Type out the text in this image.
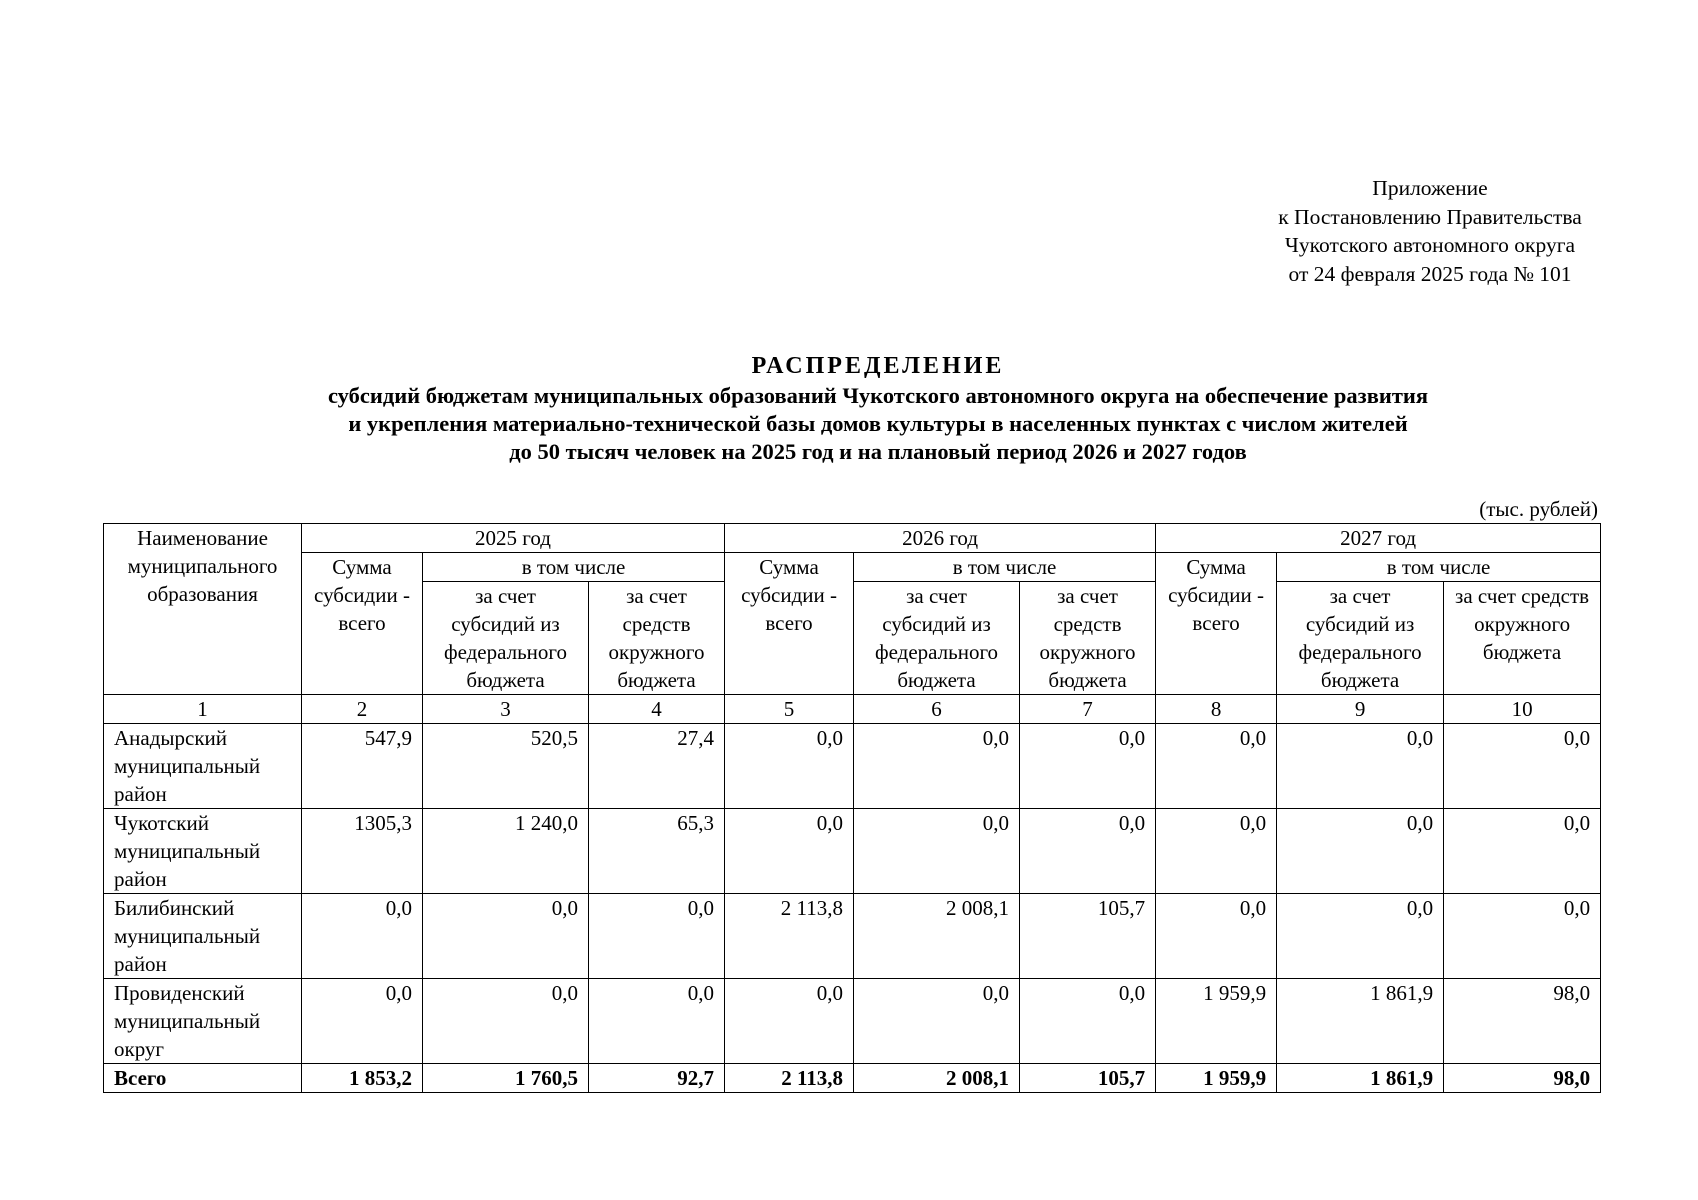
Приложение
к Постановлению Правительства
Чукотского автономного округа
от 24 февраля 2025 года № 101
РАСПРЕДЕЛЕНИЕ
субсидий бюджетам муниципальных образований Чукотского автономного округа на обеспечение развития
и укрепления материально-технической базы домов культуры в населенных пунктах с числом жителей
до 50 тысяч человек на 2025 год и на плановый период 2026 и 2027 годов
(тыс. рублей)
Наименование муниципального образования	2025 год			2026 год			2027 год		
	Сумма субсидии - всего	в том числе		Сумма субсидии - всего	в том числе		Сумма субсидии - всего	в том числе	
		за счет субсидий из федерального бюджета	за счет средств окружного бюджета		за счет субсидий из федерального бюджета	за счет средств окружного бюджета		за счет субсидий из федерального бюджета	за счет средств окружного бюджета
1	2	3	4	5	6	7	8	9	10
Анадырский муниципальный район	547,9	520,5	27,4	0,0	0,0	0,0	0,0	0,0	0,0
Чукотский муниципальный район	1305,3	1 240,0	65,3	0,0	0,0	0,0	0,0	0,0	0,0
Билибинский муниципальный район	0,0	0,0	0,0	2 113,8	2 008,1	105,7	0,0	0,0	0,0
Провиденский муниципальный округ	0,0	0,0	0,0	0,0	0,0	0,0	1 959,9	1 861,9	98,0
Всего	1 853,2	1 760,5	92,7	2 113,8	2 008,1	105,7	1 959,9	1 861,9	98,0
